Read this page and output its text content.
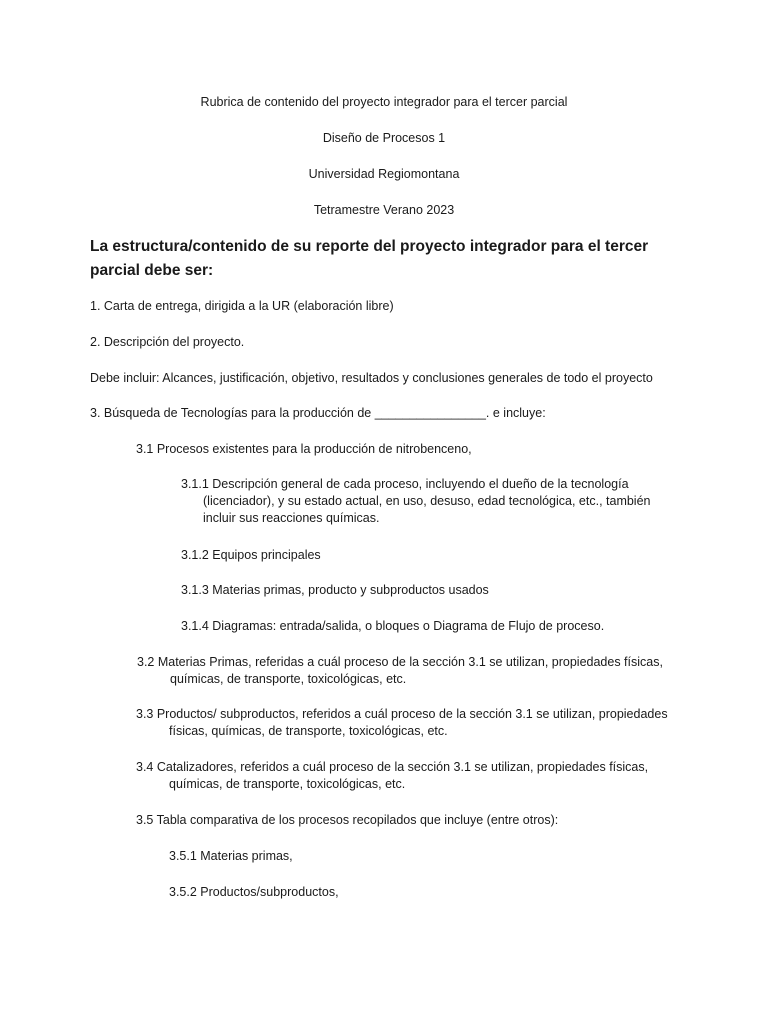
Rubrica de contenido del proyecto integrador para el tercer parcial
Diseño de Procesos 1
Universidad Regiomontana
Tetramestre Verano 2023
La estructura/contenido de su reporte del proyecto integrador para el tercer
parcial debe ser:
1. Carta de entrega, dirigida a la UR (elaboración libre)
2. Descripción del proyecto.
Debe incluir: Alcances, justificación, objetivo, resultados y conclusiones generales de todo el proyecto
3. Búsqueda de Tecnologías para la producción de ________________. e incluye:
3.1 Procesos existentes para la producción de nitrobenceno,
3.1.1 Descripción general de cada proceso, incluyendo el dueño de la tecnología
(licenciador), y su estado actual, en uso, desuso, edad tecnológica, etc., también
incluir sus reacciones químicas.
3.1.2 Equipos principales
3.1.3 Materias primas, producto y subproductos usados
3.1.4 Diagramas: entrada/salida, o bloques o Diagrama de Flujo de proceso.
3.2 Materias Primas, referidas a cuál proceso de la sección 3.1 se utilizan, propiedades físicas,
químicas, de transporte, toxicológicas, etc.
3.3 Productos/ subproductos, referidos a cuál proceso de la sección 3.1 se utilizan, propiedades
físicas, químicas, de transporte, toxicológicas, etc.
3.4 Catalizadores, referidos a cuál proceso de la sección 3.1 se utilizan, propiedades físicas,
químicas, de transporte, toxicológicas, etc.
3.5 Tabla comparativa de los procesos recopilados que incluye (entre otros):
3.5.1 Materias primas,
3.5.2 Productos/subproductos,
